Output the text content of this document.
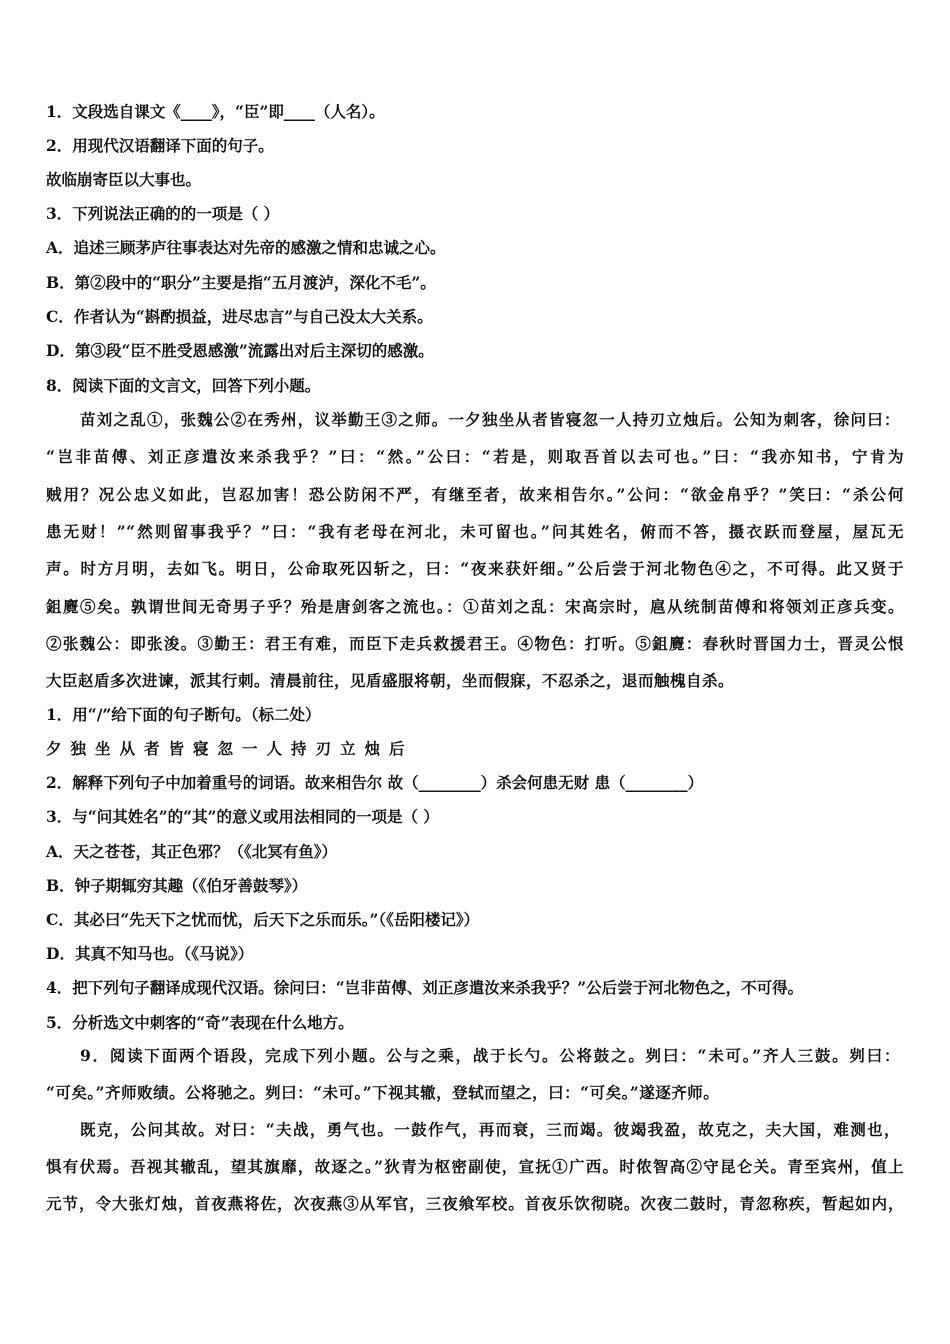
1．文段选自课文《____》，“臣”即____（人名）。
2．用现代汉语翻译下面的句子。
故临崩寄臣以大事也。
3．下列说法正确的的一项是（ ）
A．追述三顾茅庐往事表达对先帝的感激之情和忠诚之心。
B．第②段中的“职分”主要是指“五月渡泸，深化不毛”。
C．作者认为“斟酌损益，进尽忠言”与自己没太大关系。
D．第③段“臣不胜受恩感激”流露出对后主深切的感激。
8．阅读下面的文言文，回答下列小题。
苗刘之乱①，张魏公②在秀州，议举勤王③之师。一夕独坐从者皆寝忽一人持刃立烛后。公知为刺客，徐问曰：
“岂非苗傅、刘正彦遣汝来杀我乎？”曰：“然。”公曰：“若是，则取吾首以去可也。”曰：“我亦知书，宁肯为
贼用？况公忠义如此，岂忍加害！恐公防闲不严，有继至者，故来相告尔。”公问：“欲金帛乎？”笑曰：“杀公何
患无财！”“然则留事我乎？”曰：“我有老母在河北，未可留也。”问其姓名，俯而不答，摄衣跃而登屋，屋瓦无
声。时方月明，去如飞。明日，公命取死囚斩之，曰：“夜来获奸细。”公后尝于河北物色④之，不可得。此又贤于
鉏麑⑤矣。孰谓世间无奇男子乎？殆是唐剑客之流也。：①苗刘之乱：宋高宗时，扈从统制苗傅和将领刘正彦兵变。
②张魏公：即张浚。③勤王：君王有难，而臣下走兵救援君王。④物色：打听。⑤鉏麑：春秋时晋国力士，晋灵公恨
大臣赵盾多次进谏，派其行刺。清晨前往，见盾盛服将朝，坐而假寐，不忍杀之，退而触槐自杀。
1．用“/”给下面的句子断句。（标二处）
夕独坐从者皆寝忽一人持刃立烛后
2．解释下列句子中加着重号的词语。故来相告尔 故（________）杀会何患无财 患（________）
3．与“问其姓名”的“其”的意义或用法相同的一项是（ ）
A．天之苍苍，其正色邪？（《北冥有鱼》）
B．钟子期辄穷其趣（《伯牙善鼓琴》）
C．其必曰“先天下之忧而忧，后天下之乐而乐。”（《岳阳楼记》）
D．其真不知马也。（《马说》）
4．把下列句子翻译成现代汉语。徐问曰：“岂非苗傅、刘正彦遣汝来杀我乎？”公后尝于河北物色之，不可得。
5．分析选文中刺客的“奇”表现在什么地方。
9．阅读下面两个语段，完成下列小题。公与之乘，战于长勺。公将鼓之。刿曰：“未可。”齐人三鼓。刿曰：
“可矣。”齐师败绩。公将驰之。刿曰：“未可。”下视其辙，登轼而望之，曰：“可矣。”遂逐齐师。
既克，公问其故。对曰：“夫战，勇气也。一鼓作气，再而衰，三而竭。彼竭我盈，故克之，夫大国，难测也，
惧有伏焉。吾视其辙乱，望其旗靡，故逐之。”狄青为枢密副使，宣抚①广西。时侬智高②守昆仑关。青至宾州，值上
元节，令大张灯烛，首夜燕将佐，次夜燕③从军官，三夜飨军校。首夜乐饮彻晓。次夜二鼓时，青忽称疾，暂起如内，
